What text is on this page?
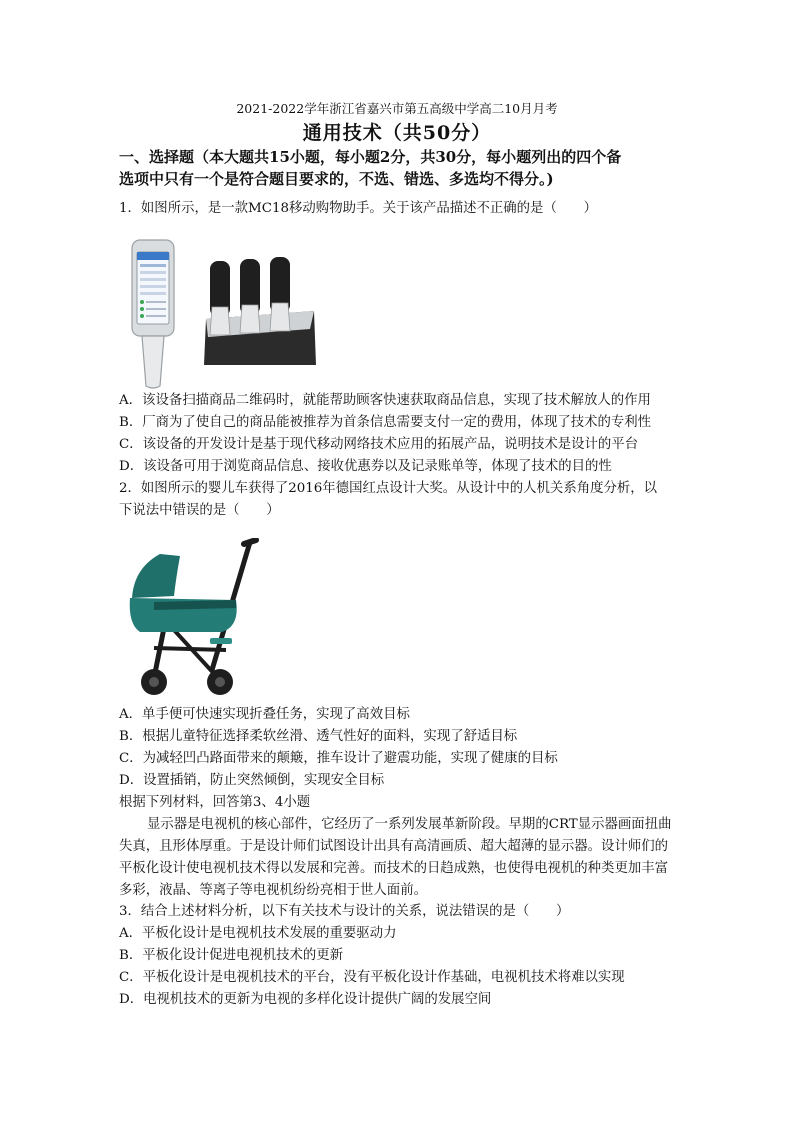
2021-2022学年浙江省嘉兴市第五高级中学高二10月月考
通用技术（共50分）
一、选择题（本大题共15小题，每小题2分，共30分，每小题列出的四个备
选项中只有一个是符合题目要求的，不选、错选、多选均不得分。)
1．如图所示，是一款MC18移动购物助手。关于该产品描述不正确的是（　　）
A．该设备扫描商品二维码时，就能帮助顾客快速获取商品信息，实现了技术解放人的作用
B．厂商为了使自己的商品能被推荐为首条信息需要支付一定的费用，体现了技术的专利性
C．该设备的开发设计是基于现代移动网络技术应用的拓展产品，说明技术是设计的平台
D．该设备可用于浏览商品信息、接收优惠券以及记录账单等，体现了技术的目的性
2．如图所示的婴儿车获得了2016年德国红点设计大奖。从设计中的人机关系角度分析，以
下说法中错误的是（　　）
A．单手便可快速实现折叠任务，实现了高效目标
B．根据儿童特征选择柔软丝滑、透气性好的面料，实现了舒适目标
C．为减轻凹凸路面带来的颠簸，推车设计了避震功能，实现了健康的目标
D．设置插销，防止突然倾倒，实现安全目标
根据下列材料，回答第3、4小题
显示器是电视机的核心部件，它经历了一系列发展革新阶段。早期的CRT显示器画面扭曲失真，且形体厚重。于是设计师们试图设计出具有高清画质、超大超薄的显示器。设计师们的平板化设计使电视机技术得以发展和完善。而技术的日趋成熟，也使得电视机的种类更加丰富多彩，液晶、等离子等电视机纷纷亮相于世人面前。
3．结合上述材料分析，以下有关技术与设计的关系，说法错误的是（　　）
A．平板化设计是电视机技术发展的重要驱动力
B．平板化设计促进电视机技术的更新
C．平板化设计是电视机技术的平台，没有平板化设计作基础，电视机技术将难以实现
D．电视机技术的更新为电视的多样化设计提供广阔的发展空间
